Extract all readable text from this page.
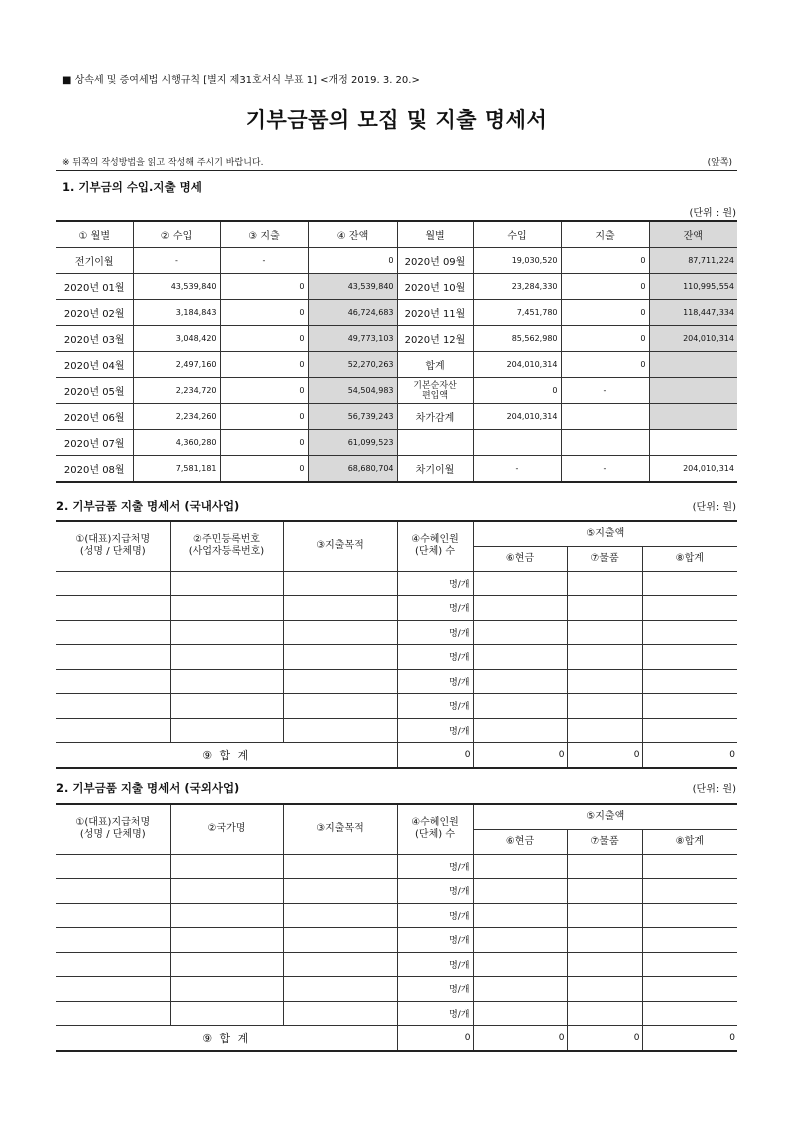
■ 상속세 및 증여세법 시행규칙 [별지 제31호서식 부표 1] <개정 2019. 3. 20.>
기부금품의 모집 및 지출 명세서
※ 뒤쪽의 작성방법을 읽고 작성해 주시기 바랍니다.	(앞쪽)
1. 기부금의 수입.지출 명세
(단위 : 원)
① 월별	② 수입	③ 지출	④ 잔액	월별	수입	지출	잔액
전기이월	-	-	0	2020년 09월	19,030,520	0	87,711,224
2020년 01월	43,539,840	0	43,539,840	2020년 10월	23,284,330	0	110,995,554
2020년 02월	3,184,843	0	46,724,683	2020년 11월	7,451,780	0	118,447,334
2020년 03월	3,048,420	0	49,773,103	2020년 12월	85,562,980	0	204,010,314
2020년 04월	2,497,160	0	52,270,263	합계	204,010,314	0	
2020년 05월	2,234,720	0	54,504,983	기본순자산
편입액	0	-	
2020년 06월	2,234,260	0	56,739,243	차가감계	204,010,314		
2020년 07월	4,360,280	0	61,099,523				
2020년 08월	7,581,181	0	68,680,704	차기이월	-	-	204,010,314
2. 기부금품 지출 명세서 (국내사업)	(단위: 원)
①(대표)지급처명
(성명 / 단체명)	②주민등록번호
(사업자등록번호)	③지출목적	④수혜인원
(단체) 수	⑤지출액		
				⑥현금	⑦물품	⑧합계
			명/개			
			명/개			
			명/개			
			명/개			
			명/개			
			명/개			
			명/개			
⑨ 합 계			0	0	0	0
2. 기부금품 지출 명세서 (국외사업)	(단위: 원)
①(대표)지급처명
(성명 / 단체명)	②국가명	③지출목적	④수혜인원
(단체) 수	⑤지출액		
				⑥현금	⑦물품	⑧합계
			명/개			
			명/개			
			명/개			
			명/개			
			명/개			
			명/개			
			명/개			
⑨ 합 계			0	0	0	0
